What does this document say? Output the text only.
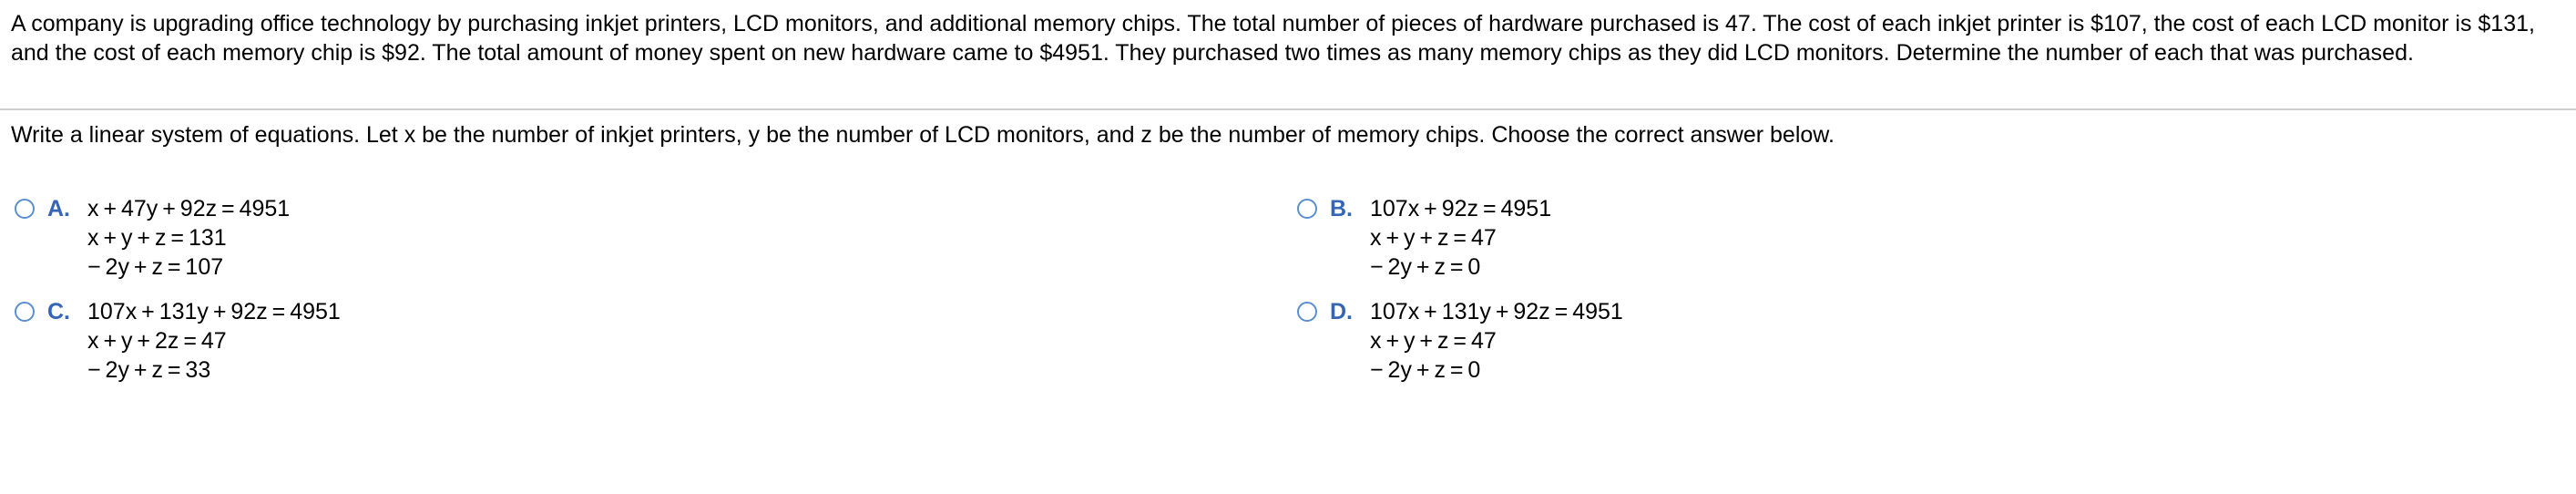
A company is upgrading office technology by purchasing inkjet printers, LCD monitors, and additional memory chips. The total number of pieces of hardware purchased is 47. The cost of each inkjet printer is $107, the cost of each LCD monitor is $131, and the cost of each memory chip is $92. The total amount of money spent on new hardware came to $4951. They purchased two times as many memory chips as they did LCD monitors. Determine the number of each that was purchased.

Write a linear system of equations. Let x be the number of inkjet printers, y be the number of LCD monitors, and z be the number of memory chips. Choose the correct answer below.

A. x + 47y + 92z = 4951
x + y + z = 131
− 2y + z = 107
B. 107x + 92z = 4951
x + y + z = 47
− 2y + z = 0
C. 107x + 131y + 92z = 4951
x + y + 2z = 47
− 2y + z = 33
D. 107x + 131y + 92z = 4951
x + y + z = 47
− 2y + z = 0
